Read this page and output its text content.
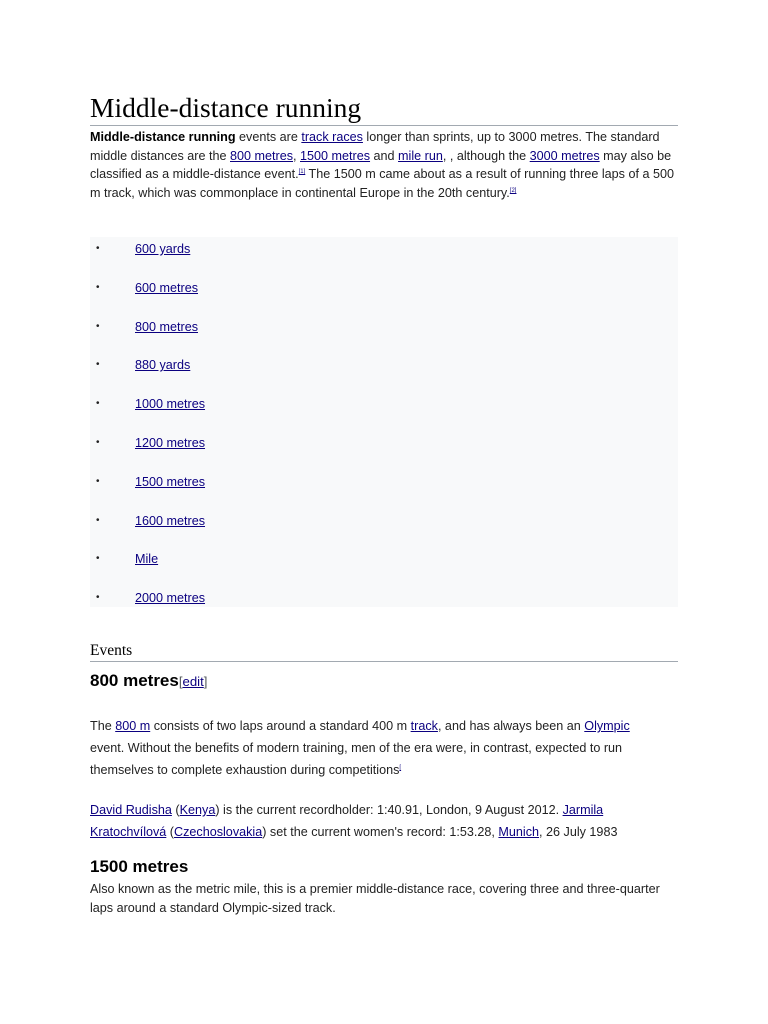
Middle-distance running

Middle-distance running events are track races longer than sprints, up to 3000 metres. The standard middle distances are the 800 metres, 1500 metres and mile run, , although the 3000 metres may also be classified as a middle-distance event.[1] The 1500 m came about as a result of running three laps of a 500 m track, which was commonplace in continental Europe in the 20th century.[2]

•	600 yards
•	600 metres
•	800 metres
•	880 yards
•	1000 metres
•	1200 metres
•	1500 metres
•	1600 metres
•	Mile
•	2000 metres
Events
800 metres[edit]

The 800 m consists of two laps around a standard 400 m track, and has always been an Olympic event. Without the benefits of modern training, men of the era were, in contrast, expected to run themselves to complete exhaustion during competitions[

David Rudisha (Kenya) is the current recordholder: 1:40.91, London, 9 August 2012. Jarmila Kratochvílová (Czechoslovakia) set the current women's record: 1:53.28, Munich, 26 July 1983

1500 metres

Also known as the metric mile, this is a premier middle-distance race, covering three and three-quarter laps around a standard Olympic-sized track.
